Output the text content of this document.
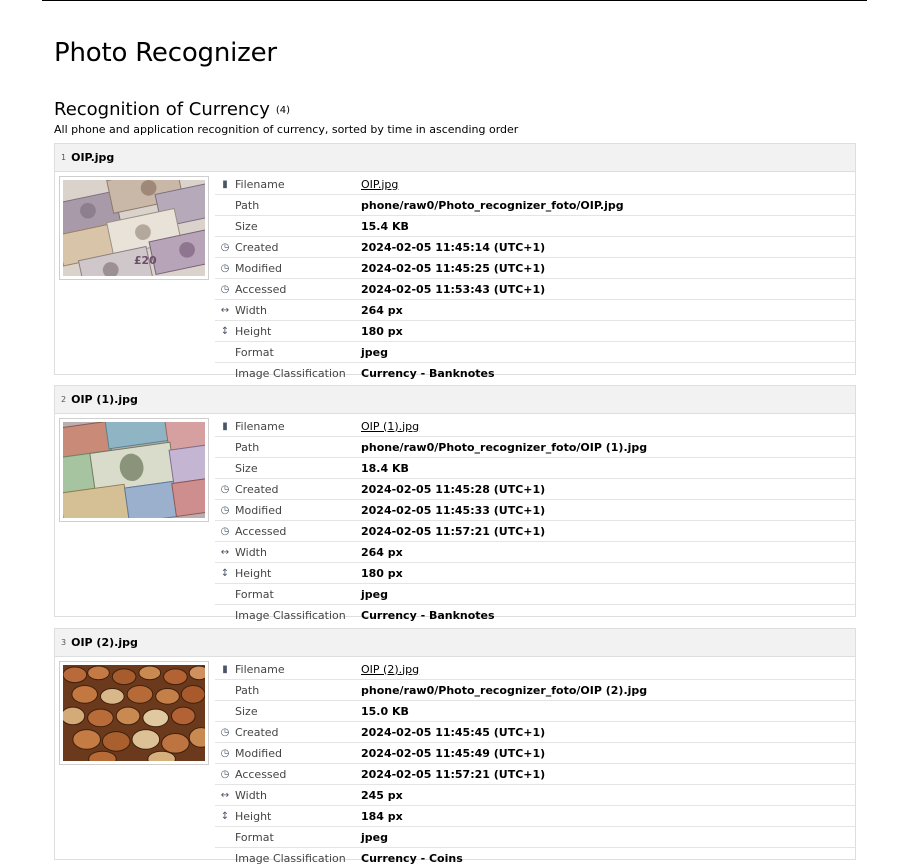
Photo Recognizer
Recognition of Currency (4)
All phone and application recognition of currency, sorted by time in ascending order
1 OIP.jpg
£20
▮ Filename	OIP.jpg
Path	phone/raw0/Photo_recognizer_foto/OIP.jpg
Size	15.4 KB
◷ Created	2024-02-05 11:45:14 (UTC+1)
◷ Modified	2024-02-05 11:45:25 (UTC+1)
◷ Accessed	2024-02-05 11:53:43 (UTC+1)
↔ Width	264 px
↕ Height	180 px
Format	jpeg
Image Classification	Currency - Banknotes
2 OIP (1).jpg
▮ Filename	OIP (1).jpg
Path	phone/raw0/Photo_recognizer_foto/OIP (1).jpg
Size	18.4 KB
◷ Created	2024-02-05 11:45:28 (UTC+1)
◷ Modified	2024-02-05 11:45:33 (UTC+1)
◷ Accessed	2024-02-05 11:57:21 (UTC+1)
↔ Width	264 px
↕ Height	180 px
Format	jpeg
Image Classification	Currency - Banknotes
3 OIP (2).jpg
▮ Filename	OIP (2).jpg
Path	phone/raw0/Photo_recognizer_foto/OIP (2).jpg
Size	15.0 KB
◷ Created	2024-02-05 11:45:45 (UTC+1)
◷ Modified	2024-02-05 11:45:49 (UTC+1)
◷ Accessed	2024-02-05 11:57:21 (UTC+1)
↔ Width	245 px
↕ Height	184 px
Format	jpeg
Image Classification	Currency - Coins
